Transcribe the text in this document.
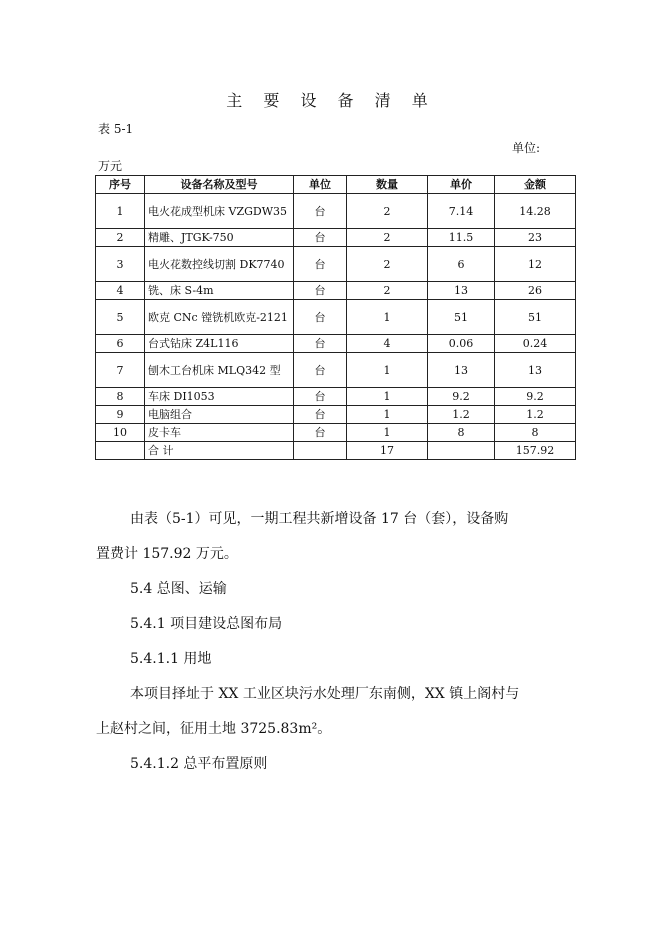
主 要 设 备 清 单
表 5-1
单位:
万元
序号	设备名称及型号	单位	数量	单价	金额
1	电火花成型机床 VZGDW35	台	2	7.14	14.28
2	精雕、JTGK-750	台	2	11.5	23
3	电火花数控线切割 DK7740	台	2	6	12
4	铣、床 S-4m	台	2	13	26
5	欧克 CNc 镗铣机欧克-2121	台	1	51	51
6	台式钻床 Z4L116	台	4	0.06	0.24
7	刨木工台机床 MLQ342 型	台	1	13	13
8	车床 DI1053	台	1	9.2	9.2
9	电脑组合	台	1	1.2	1.2
10	皮卡车	台	1	8	8
	合 计		17		157.92
由表（5-1）可见，一期工程共新增设备 17 台（套），设备购
置费计 157.92 万元。
5.4 总图、运输
5.4.1 项目建设总图布局
5.4.1.1 用地
本项目择址于 XX 工业区块污水处理厂东南侧，XX 镇上阁村与
上赵村之间，征用土地 3725.83m²。
5.4.1.2 总平布置原则
